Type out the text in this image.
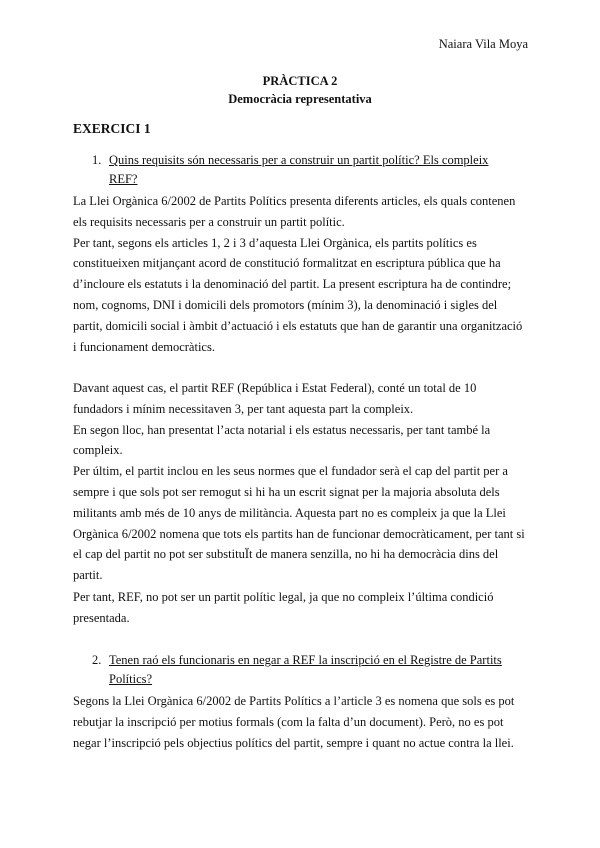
Naiara Vila Moya
PRÀCTICA 2
Democràcia representativa
EXERCICI 1
1. Quins requisits són necessaris per a construir un partit polític? Els compleix REF?

La Llei Orgànica 6/2002 de Partits Polítics presenta diferents articles, els quals contenen els requisits necessaris per a construir un partit polític.

Per tant, segons els articles 1, 2 i 3 d’aquesta Llei Orgànica, els partits polítics es constitueixen mitjançant acord de constitució formalitzat en escriptura pública que ha d’incloure els estatuts i la denominació del partit. La present escriptura ha de contindre; nom, cognoms, DNI i domicili dels promotors (mínim 3), la denominació i sigles del partit, domicili social i àmbit d’actuació i els estatuts que han de garantir una organització i funcionament democràtics.

Davant aquest cas, el partit REF (República i Estat Federal), conté un total de 10 fundadors i mínim necessitaven 3, per tant aquesta part la compleix.

En segon lloc, han presentat l’acta notarial i els estatus necessaris, per tant també la compleix.

Per últim, el partit inclou en les seus normes que el fundador serà el cap del partit per a sempre i que sols pot ser remogut si hi ha un escrit signat per la majoria absoluta dels militants amb més de 10 anys de militància. Aquesta part no es compleix ja que la Llei Orgànica 6/2002 nomena que tots els partits han de funcionar democràticament, per tant si el cap del partit no pot ser substituÏt de manera senzilla, no hi ha democràcia dins del partit.

Per tant, REF, no pot ser un partit polític legal, ja que no compleix l’última condició presentada.

2. Tenen raó els funcionaris en negar a REF la inscripció en el Registre de Partits Polítics?

Segons la Llei Orgànica 6/2002 de Partits Polítics a l’article 3 es nomena que sols es pot rebutjar la inscripció per motius formals (com la falta d’un document). Però, no es pot negar l’inscripció pels objectius polítics del partit, sempre i quant no actue contra la llei.
